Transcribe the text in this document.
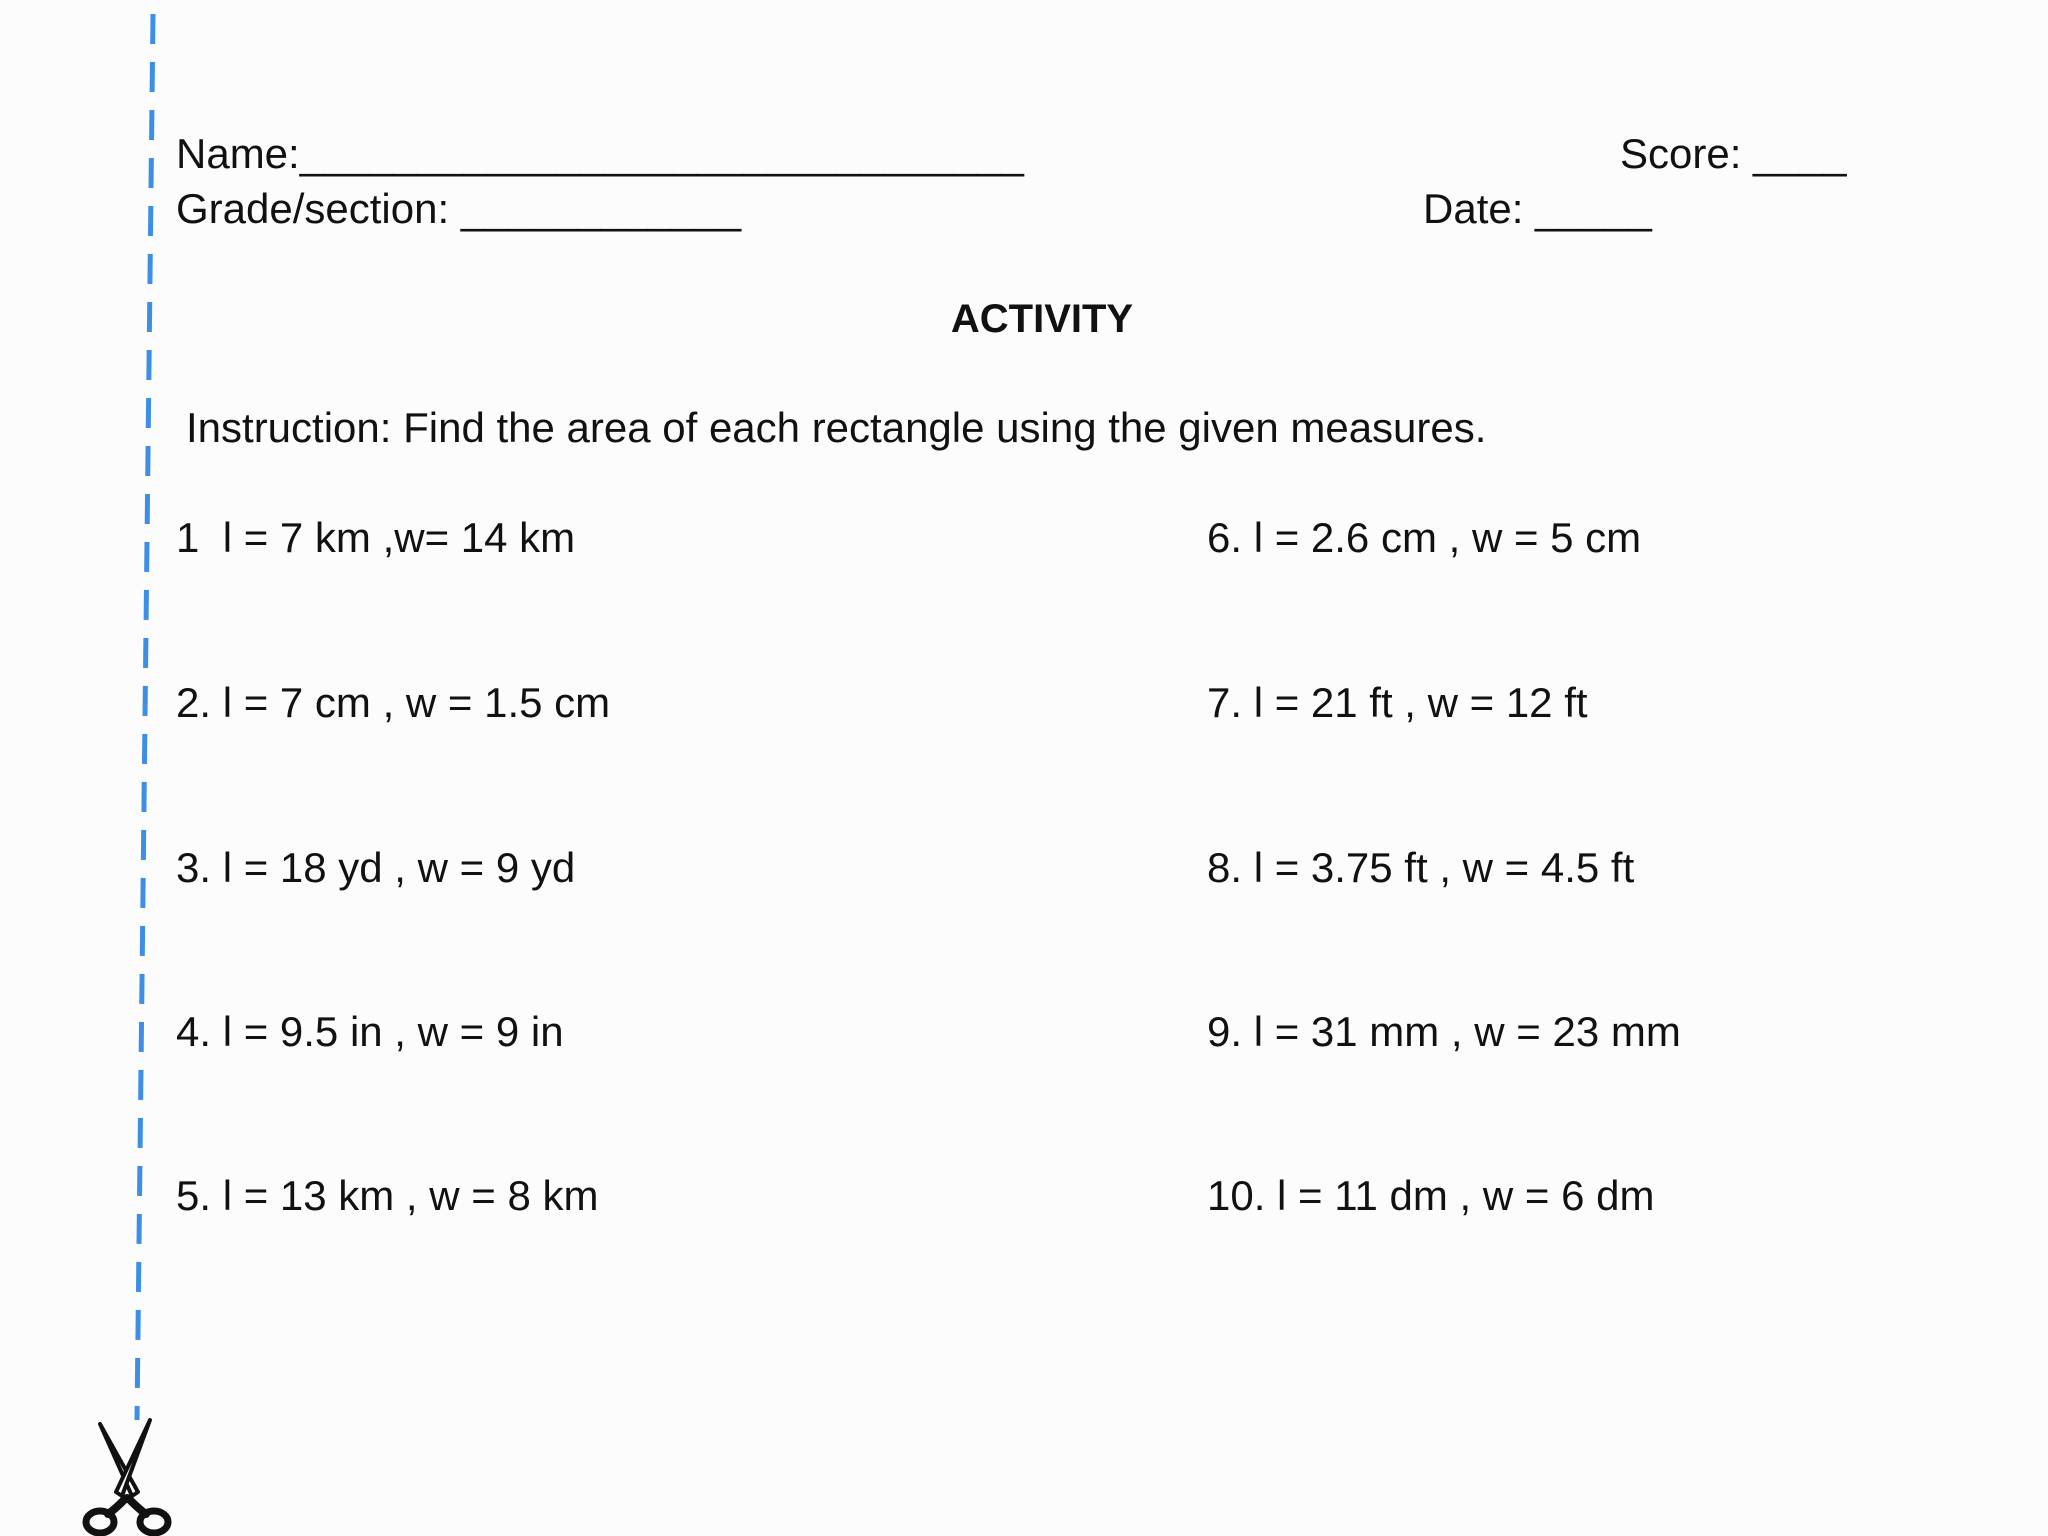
Name:_______________________________	Score: ____
Grade/section: ____________	Date: _____
ACTIVITY
Instruction: Find the area of each rectangle using the given measures.
1  l = 7 km ,w= 14 km
2. l = 7 cm , w = 1.5 cm
3. l = 18 yd , w = 9 yd
4. l = 9.5 in , w = 9 in
5. l = 13 km , w = 8 km
6. l = 2.6 cm , w = 5 cm
7. l = 21 ft , w = 12 ft
8. l = 3.75 ft , w = 4.5 ft
9. l = 31 mm , w = 23 mm
10. l = 11 dm , w = 6 dm
